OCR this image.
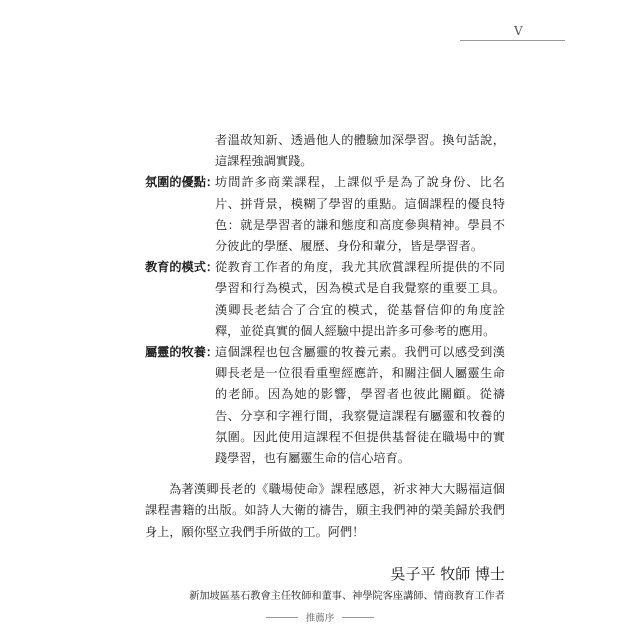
V
者溫故知新、透過他人的體驗加深學習。換句話說，這課程強調實踐。
氛圍的優點：
坊間許多商業課程，上課似乎是為了說身份、比名片、拼背景，模糊了學習的重點。這個課程的優良特色：就是學習者的謙和態度和高度參與精神。學員不分彼此的學歷、履歷、身份和輩分，皆是學習者。
教育的模式：
從教育工作者的角度，我尤其欣賞課程所提供的不同學習和行為模式，因為模式是自我覺察的重要工具。漢卿長老結合了合宜的模式，從基督信仰的角度詮釋，並從真實的個人經驗中提出許多可參考的應用。
屬靈的牧養：
這個課程也包含屬靈的牧養元素。我們可以感受到漢卿長老是一位很看重聖經應許，和關注個人屬靈生命的老師。因為她的影響，學習者也彼此關顧。從禱告、分享和字裡行間，我察覺這課程有屬靈和牧養的氛圍。因此使用這課程不但提供基督徒在職場中的實踐學習，也有屬靈生命的信心培育。

為著漢卿長老的《職場使命》課程感恩，祈求神大大賜福這個課程書籍的出版。如詩人大衛的禱告，願主我們神的榮美歸於我們身上，願你堅立我們手所做的工。阿們！

吳子平 牧師 博士
新加坡區基石教會主任牧師和董事、神學院客座講師、情商教育工作者
推薦序
